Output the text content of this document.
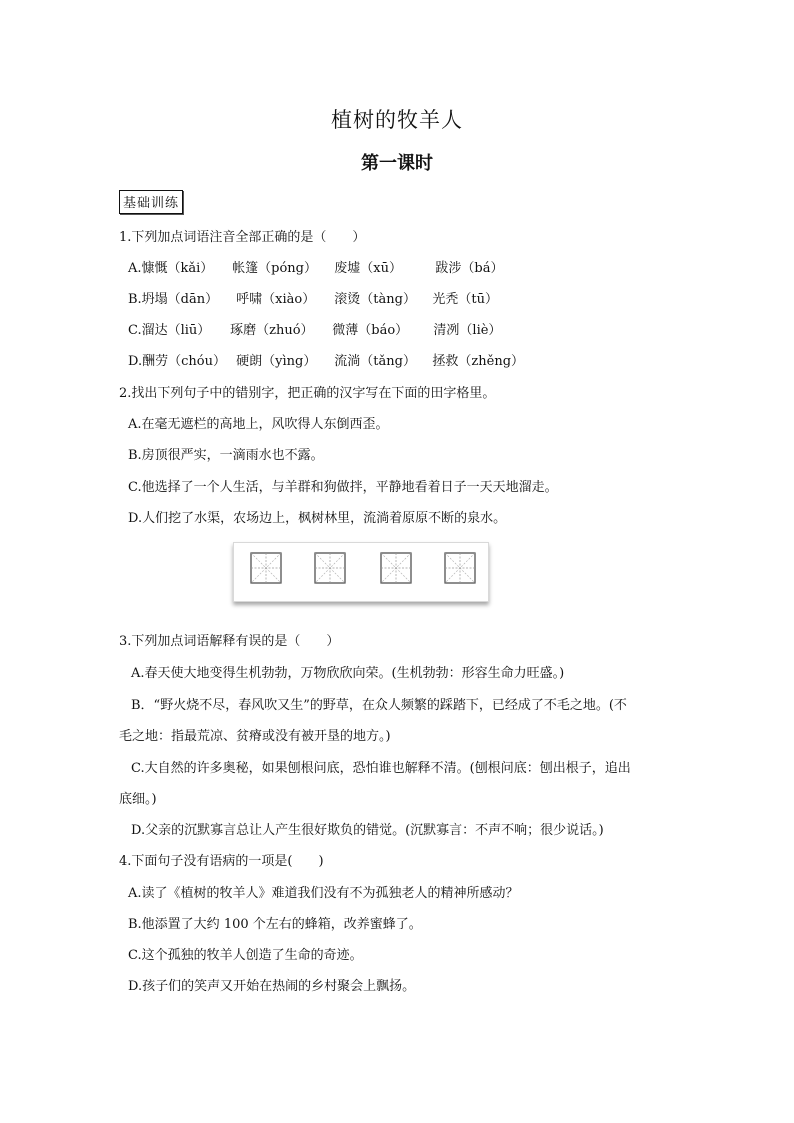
植树的牧羊人
第一课时
基础训练
1.下列加点词语注音全部正确的是（　　）
A.慷慨（kǎi） 帐篷（póng） 废墟（xū）	跋涉（bá）
B.坍塌（dān） 呼啸（xiào） 滚烫（tàng） 光秃（tū）
C.溜达（liū） 琢磨（zhuó） 微薄（báo） 清冽（liè）
D.酬劳（chóu） 硬朗（yìng） 流淌（tǎng） 拯救（zhěng）
2.找出下列句子中的错别字，把正确的汉字写在下面的田字格里。
A.在毫无遮栏的高地上，风吹得人东倒西歪。
B.房顶很严实，一滴雨水也不露。
C.他选择了一个人生活，与羊群和狗做拌，平静地看着日子一天天地溜走。
D.人们挖了水渠，农场边上，枫树林里，流淌着原原不断的泉水。
3.下列加点词语解释有误的是（　　）
A.春天使大地变得生机勃勃，万物欣欣向荣。(生机勃勃：形容生命力旺盛。)
B．“野火烧不尽，春风吹又生”的野草，在众人频繁的踩踏下，已经成了不毛之地。(不
毛之地：指最荒凉、贫瘠或没有被开垦的地方。)
C.大自然的许多奥秘，如果刨根问底，恐怕谁也解释不清。(刨根问底：刨出根子，追出
底细。)
D.父亲的沉默寡言总让人产生很好欺负的错觉。(沉默寡言：不声不响；很少说话。)
4.下面句子没有语病的一项是(　　)
A.读了《植树的牧羊人》难道我们没有不为孤独老人的精神所感动？
B.他添置了大约 100 个左右的蜂箱，改养蜜蜂了。
C.这个孤独的牧羊人创造了生命的奇迹。
D.孩子们的笑声又开始在热闹的乡村聚会上飘扬。
